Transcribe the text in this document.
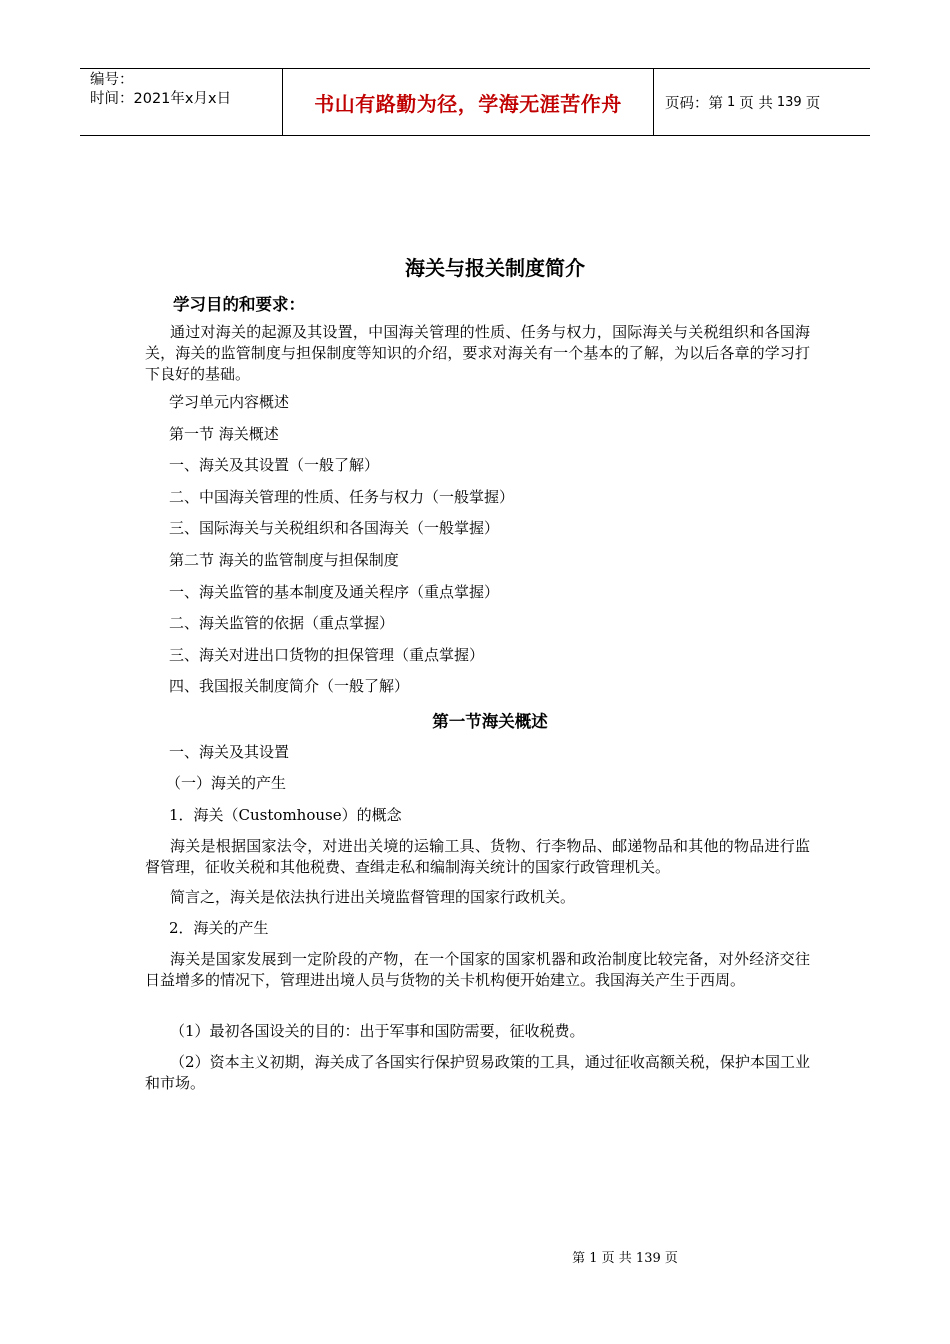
编号：
时间：2021年x月x日	书山有路勤为径，学海无涯苦作舟	页码：第 1 页 共 139 页
海关与报关制度简介
学习目的和要求：
通过对海关的起源及其设置，中国海关管理的性质、任务与权力，国际海关与关税组织和各国海关，海关的监管制度与担保制度等知识的介绍，要求对海关有一个基本的了解，为以后各章的学习打下良好的基础。
学习单元内容概述
第一节 海关概述
一、海关及其设置（一般了解）
二、中国海关管理的性质、任务与权力（一般掌握）
三、国际海关与关税组织和各国海关（一般掌握）
第二节 海关的监管制度与担保制度
一、海关监管的基本制度及通关程序（重点掌握）
二、海关监管的依据（重点掌握）
三、海关对进出口货物的担保管理（重点掌握）
四、我国报关制度简介（一般了解）
第一节海关概述
一、海关及其设置
（一）海关的产生
1．海关（Customhouse）的概念
海关是根据国家法令，对进出关境的运输工具、货物、行李物品、邮递物品和其他的物品进行监督管理，征收关税和其他税费、查缉走私和编制海关统计的国家行政管理机关。
简言之，海关是依法执行进出关境监督管理的国家行政机关。
2．海关的产生
海关是国家发展到一定阶段的产物，在一个国家的国家机器和政治制度比较完备，对外经济交往日益增多的情况下，管理进出境人员与货物的关卡机构便开始建立。我国海关产生于西周。
（1）最初各国设关的目的：出于军事和国防需要，征收税费。
（2）资本主义初期，海关成了各国实行保护贸易政策的工具，通过征收高额关税，保护本国工业和市场。
第 1 页 共 139 页
